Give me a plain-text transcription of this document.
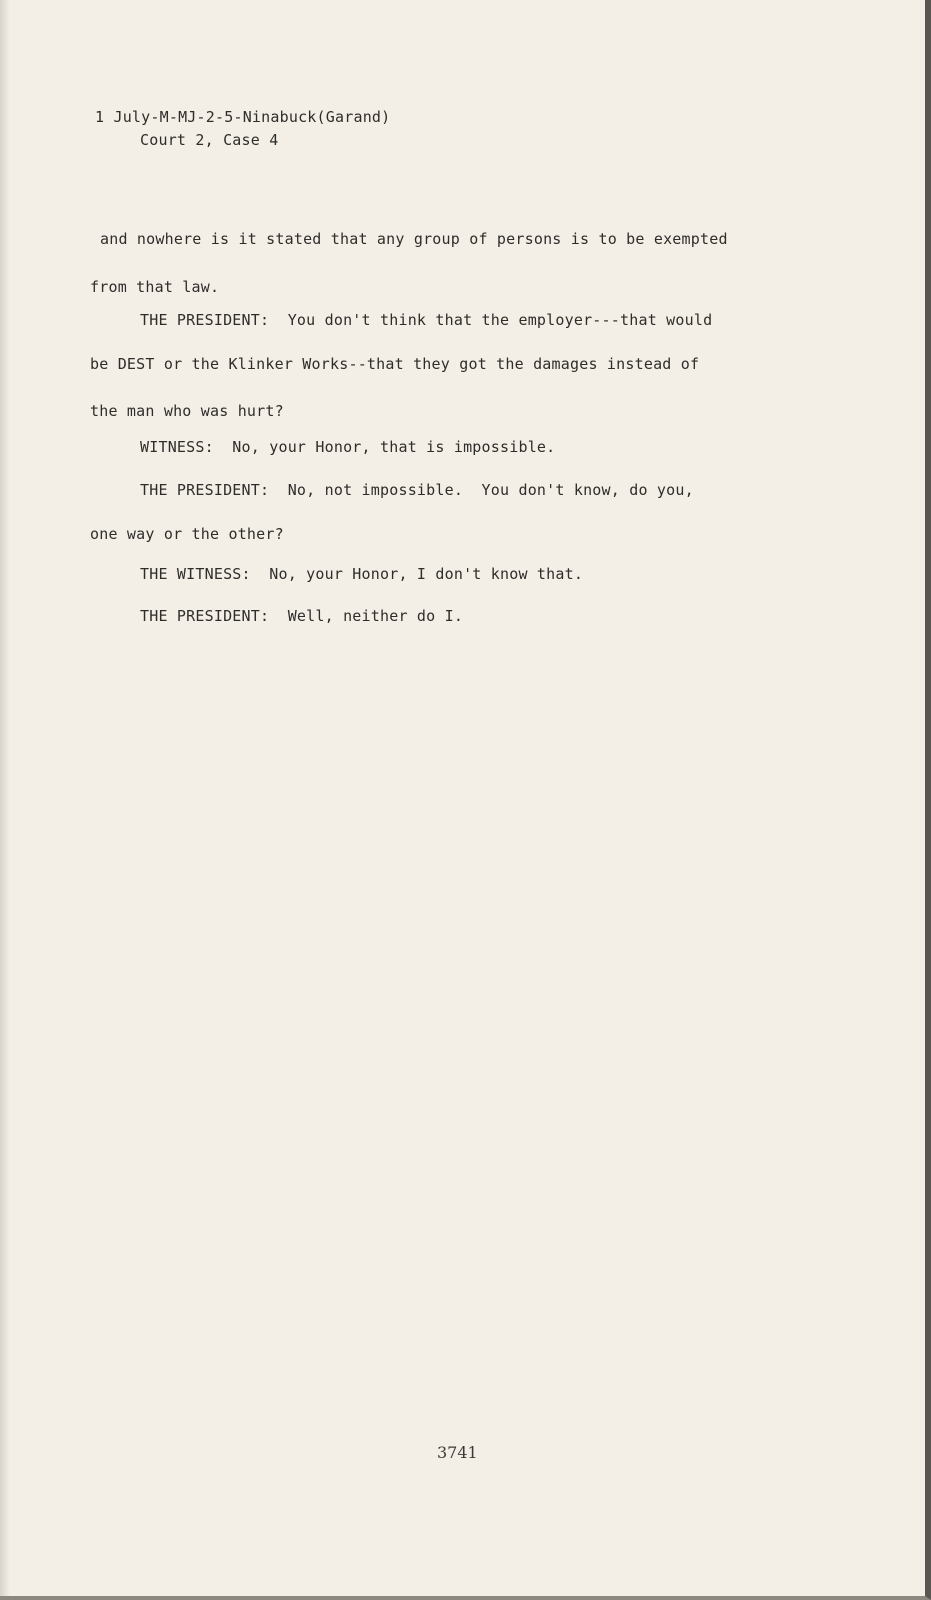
1 July-M-MJ-2-5-Ninabuck(Garand)

Court 2, Case 4

and nowhere is it stated that any group of persons is to be exempted

from that law.

THE PRESIDENT:  You don't think that the employer---that would

be DEST or the Klinker Works--that they got the damages instead of

the man who was hurt?

WITNESS:  No, your Honor, that is impossible.

THE PRESIDENT:  No, not impossible.  You don't know, do you,

one way or the other?

THE WITNESS:  No, your Honor, I don't know that.

THE PRESIDENT:  Well, neither do I.

3741
